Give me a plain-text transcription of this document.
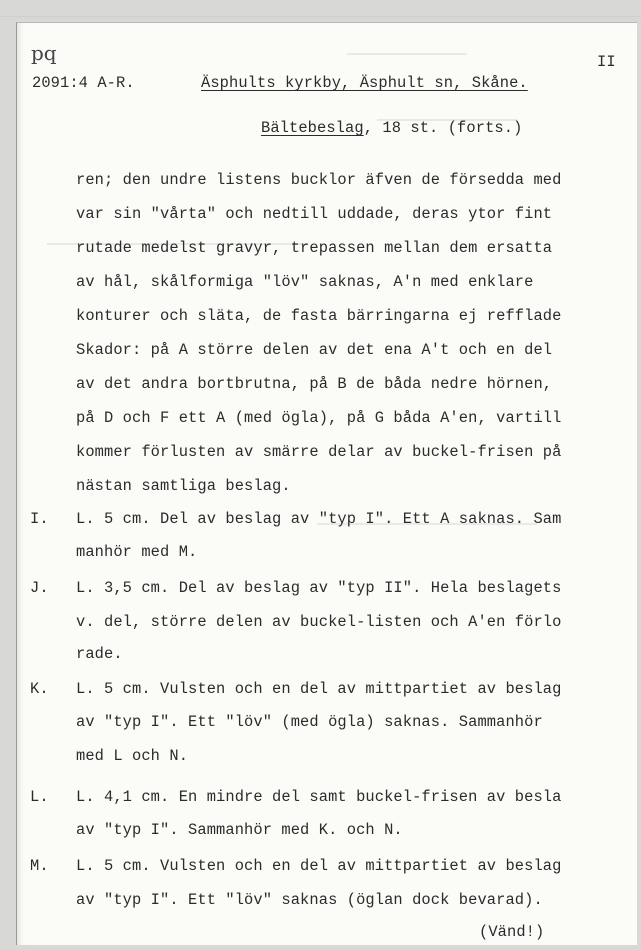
pq	II
2091:4 A-R.	Äsphults kyrkby, Äsphult sn, Skåne.
Bältebeslag, 18 st. (forts.)
ren; den undre listens bucklor äfven de försedda med
var sin "vårta" och nedtill uddade, deras ytor fint
rutade medelst gravyr, trepassen mellan dem ersatta
av hål, skålformiga "löv" saknas, A'n med enklare
konturer och släta, de fasta bärringarna ej refflade
Skador: på A större delen av det ena A't och en del
av det andra bortbrutna, på B de båda nedre hörnen,
på D och F ett A (med ögla), på G båda A'en, vartill
kommer förlusten av smärre delar av buckel-frisen på
nästan samtliga beslag.
I. L. 5 cm. Del av beslag av "typ I". Ett A saknas. Sam
manhör med M.
J. L. 3,5 cm. Del av beslag av "typ II". Hela beslagets
v. del, större delen av buckel-listen och A'en förlo
rade.
K. L. 5 cm. Vulsten och en del av mittpartiet av beslag
av "typ I". Ett "löv" (med ögla) saknas. Sammanhör
med L och N.
L. L. 4,1 cm. En mindre del samt buckel-frisen av besla
av "typ I". Sammanhör med K. och N.
M. L. 5 cm. Vulsten och en del av mittpartiet av beslag
av "typ I". Ett "löv" saknas (öglan dock bevarad).
(Vänd!)
